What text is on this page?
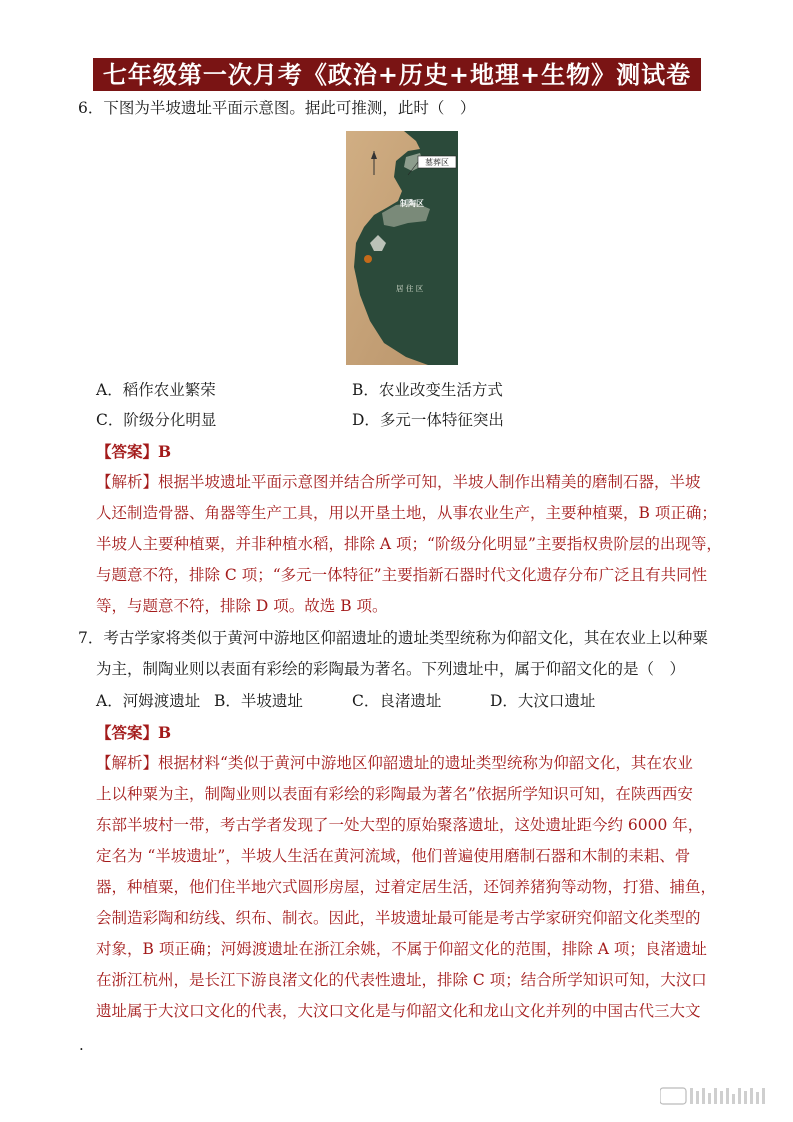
七年级第一次月考《政治+历史+地理+生物》测试卷
6．下图为半坡遗址平面示意图。据此可推测，此时（　）
墓葬区
制陶区
居 住 区
A．稻作农业繁荣	B．农业改变生活方式
C．阶级分化明显	D．多元一体特征突出
【答案】B
【解析】根据半坡遗址平面示意图并结合所学可知，半坡人制作出精美的磨制石器，半坡
人还制造骨器、角器等生产工具，用以开垦土地，从事农业生产，主要种植粟，B 项正确；
半坡人主要种植粟，并非种植水稻，排除 A 项；“阶级分化明显”主要指权贵阶层的出现等，
与题意不符，排除 C 项；“多元一体特征”主要指新石器时代文化遗存分布广泛且有共同性
等，与题意不符，排除 D 项。故选 B 项。
7．考古学家将类似于黄河中游地区仰韶遗址的遗址类型统称为仰韶文化，其在农业上以种粟
为主，制陶业则以表面有彩绘的彩陶最为著名。下列遗址中，属于仰韶文化的是（　）
A．河姆渡遗址 B．半坡遗址	C．良渚遗址	D．大汶口遗址
【答案】B
【解析】根据材料“类似于黄河中游地区仰韶遗址的遗址类型统称为仰韶文化，其在农业
上以种粟为主，制陶业则以表面有彩绘的彩陶最为著名”依据所学知识可知，在陕西西安
东部半坡村一带，考古学者发现了一处大型的原始聚落遗址，这处遗址距今约 6000 年，
定名为 “半坡遗址”，半坡人生活在黄河流域，他们普遍使用磨制石器和木制的耒耜、骨
器，种植粟，他们住半地穴式圆形房屋，过着定居生活，还饲养猪狗等动物，打猎、捕鱼，
会制造彩陶和纺线、织布、制衣。因此，半坡遗址最可能是考古学家研究仰韶文化类型的
对象，B 项正确；河姆渡遗址在浙江余姚，不属于仰韶文化的范围，排除 A 项；良渚遗址
在浙江杭州，是长江下游良渚文化的代表性遗址，排除 C 项；结合所学知识可知，大汶口
遗址属于大汶口文化的代表，大汶口文化是与仰韶文化和龙山文化并列的中国古代三大文
.
